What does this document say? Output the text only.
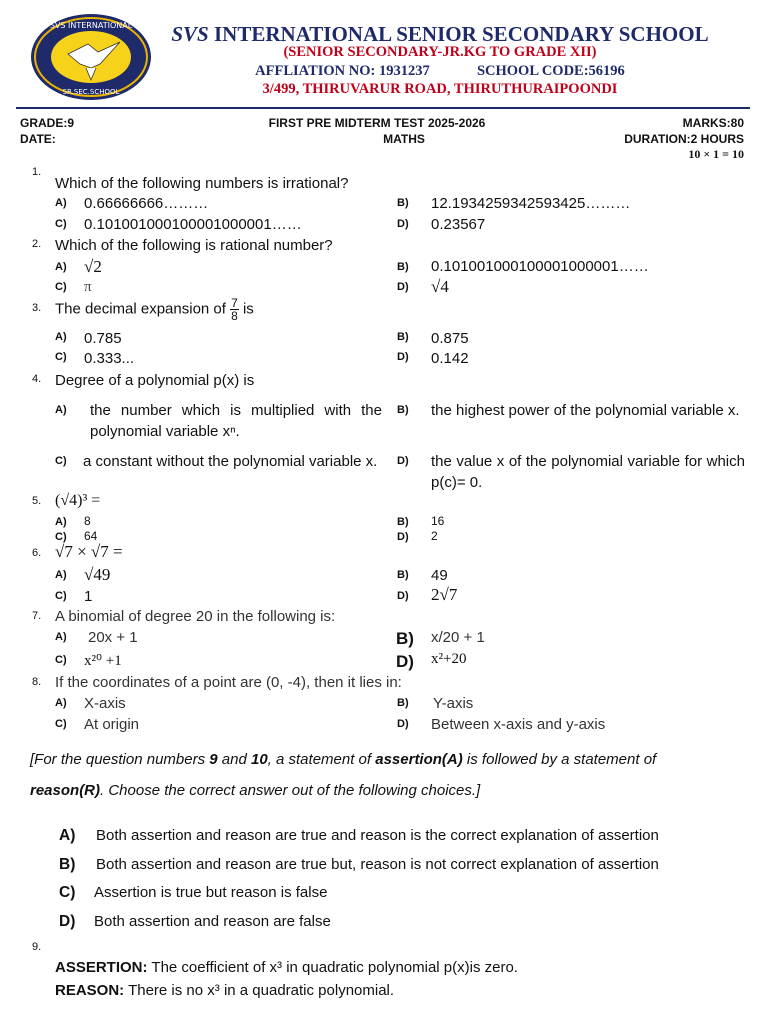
SVS INTERNATIONAL
SR.SEC.SCHOOL
SVS INTERNATIONAL SENIOR SECONDARY SCHOOL
(SENIOR SECONDARY-JR.KG TO GRADE XII)
AFFLIATION NO: 1931237	SCHOOL CODE:56196
3/499, THIRUVARUR ROAD, THIRUTHURAIPOONDI
GRADE:9
DATE:
FIRST PRE MIDTERM TEST 2025-2026
MATHS
MARKS:80
DURATION:2 HOURS
10 × 1 = 10
1.
Which of the following numbers is irrational?
A) 0.66666666………	B) 12.1934259342593425………
C) 0.101001000100001000001……	D) 0.23567
2. Which of the following is rational number?
A) √2	B) 0.101001000100001000001……
C) π	D) √4
3. The decimal expansion of $\frac{7}{8}$ is
A) 0.785	B) 0.875
C) 0.333...	D) 0.142
4. Degree of a polynomial p(x) is
A) the number which is multiplied with the polynomial variable xⁿ.
B) the highest power of the polynomial variable x.
C) a constant without the polynomial variable x.	D) the value x of the polynomial variable for which p(c)= 0.
5. (√4)³ =
A) 8	B) 16
C) 64	D) 2
6. √7 × √7 =
A) √49	B) 49
C) 1	D) 2√7
7. A binomial of degree 20 in the following is:
A) 20x + 1	B) x/20 + 1
C) x²⁰ +1	D) x²+20
8. If the coordinates of a point are (0, -4), then it lies in:
A) X-axis	B) Y-axis
C) At origin	D) Between x-axis and y-axis
[For the question numbers 9 and 10, a statement of assertion(A) is followed by a statement of
reason(R). Choose the correct answer out of the following choices.]
A) Both assertion and reason are true and reason is the correct explanation of assertion
B) Both assertion and reason are true but, reason is not correct explanation of assertion
C) Assertion is true but reason is false
D) Both assertion and reason are false
9.
ASSERTION: The coefficient of x³ in quadratic polynomial p(x)is zero.
REASON: There is no x³ in a quadratic polynomial.
